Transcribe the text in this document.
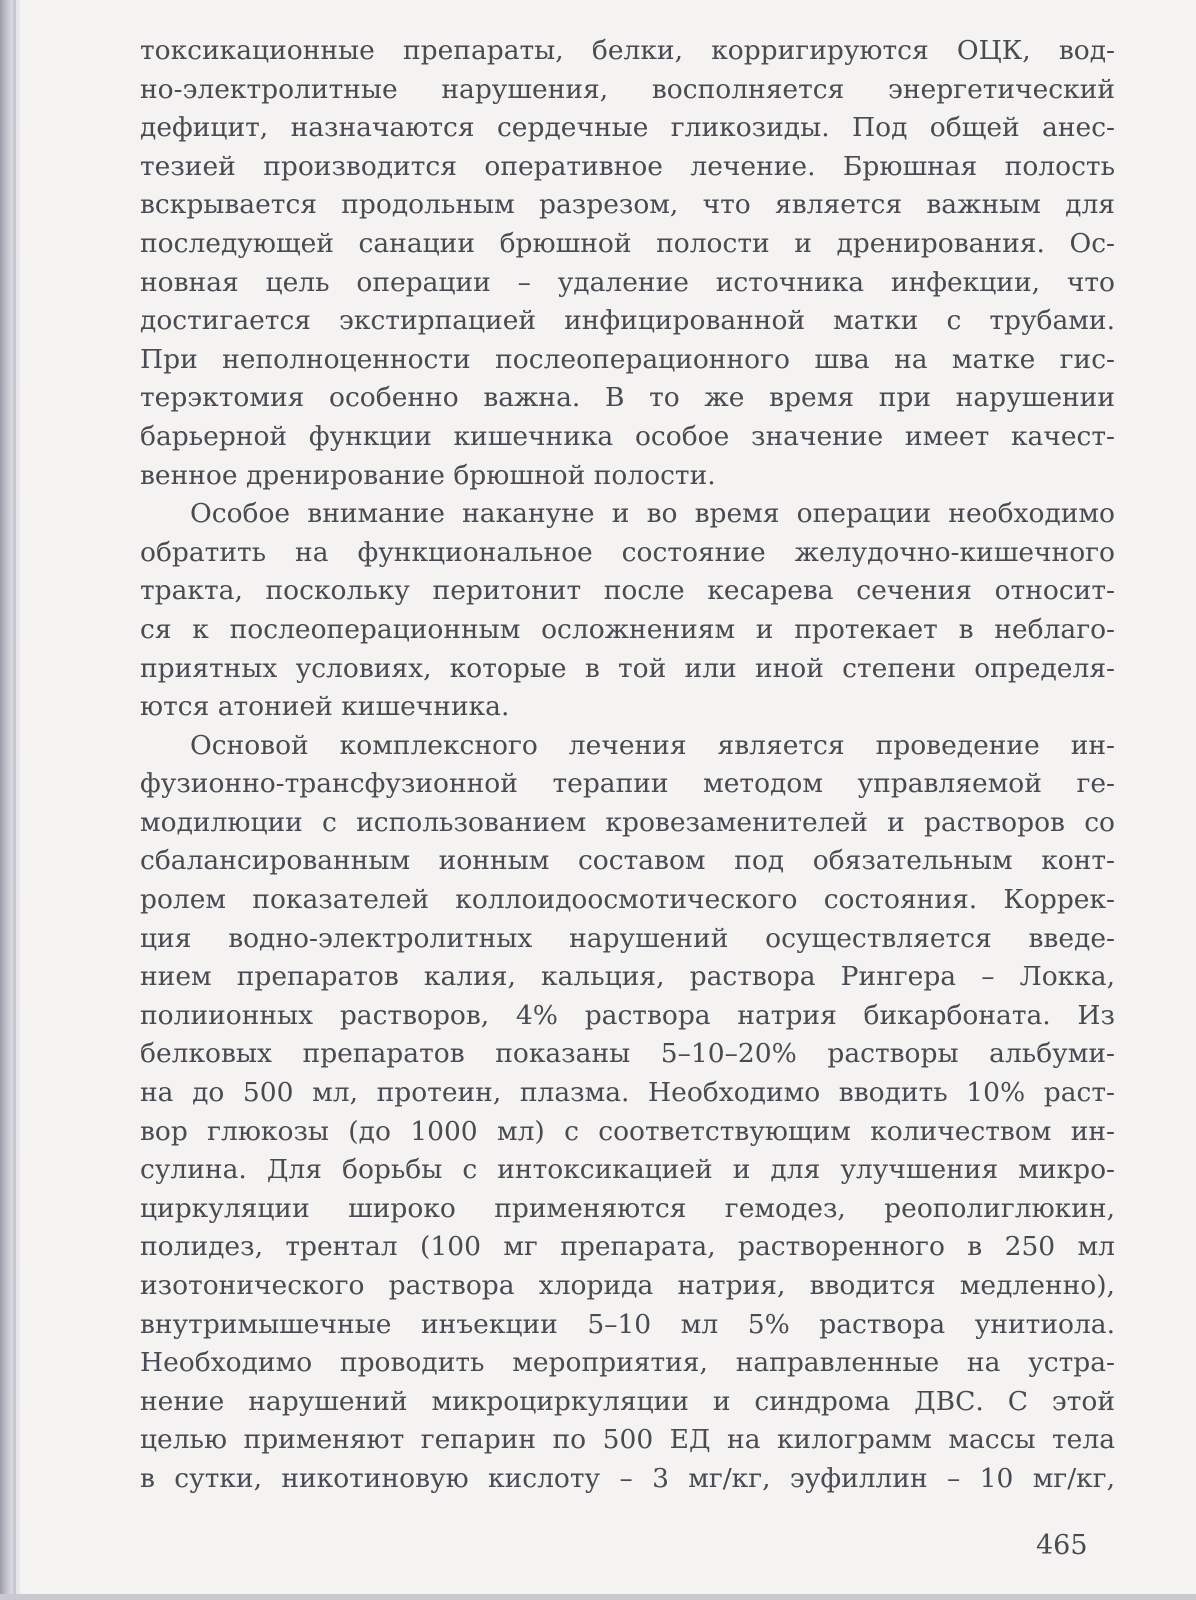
токсикационные препараты, белки, корригируются ОЦК, вод-
но-электролитные нарушения, восполняется энергетический
дефицит, назначаются сердечные гликозиды. Под общей анес-
тезией производится оперативное лечение. Брюшная полость
вскрывается продольным разрезом, что является важным для
последующей санации брюшной полости и дренирования. Ос-
новная цель операции – удаление источника инфекции, что
достигается экстирпацией инфицированной матки с трубами.
При неполноценности послеоперационного шва на матке гис-
терэктомия особенно важна. В то же время при нарушении
барьерной функции кишечника особое значение имеет качест-
венное дренирование брюшной полости.
Особое внимание накануне и во время операции необходимо
обратить на функциональное состояние желудочно-кишечного
тракта, поскольку перитонит после кесарева сечения относит-
ся к послеоперационным осложнениям и протекает в неблаго-
приятных условиях, которые в той или иной степени определя-
ются атонией кишечника.
Основой комплексного лечения является проведение ин-
фузионно-трансфузионной терапии методом управляемой ге-
модилюции с использованием кровезаменителей и растворов со
сбалансированным ионным составом под обязательным конт-
ролем показателей коллоидоосмотического состояния. Коррек-
ция водно-электролитных нарушений осуществляется введе-
нием препаратов калия, кальция, раствора Рингера – Локка,
полиионных растворов, 4% раствора натрия бикарбоната. Из
белковых препаратов показаны 5–10–20% растворы альбуми-
на до 500 мл, протеин, плазма. Необходимо вводить 10% раст-
вор глюкозы (до 1000 мл) с соответствующим количеством ин-
сулина. Для борьбы с интоксикацией и для улучшения микро-
циркуляции широко применяются гемодез, реополиглюкин,
полидез, трентал (100 мг препарата, растворенного в 250 мл
изотонического раствора хлорида натрия, вводится медленно),
внутримышечные инъекции 5–10 мл 5% раствора унитиола.
Необходимо проводить мероприятия, направленные на устра-
нение нарушений микроциркуляции и синдрома ДВС. С этой
целью применяют гепарин по 500 ЕД на килограмм массы тела
в сутки, никотиновую кислоту – 3 мг/кг, эуфиллин – 10 мг/кг,
465
